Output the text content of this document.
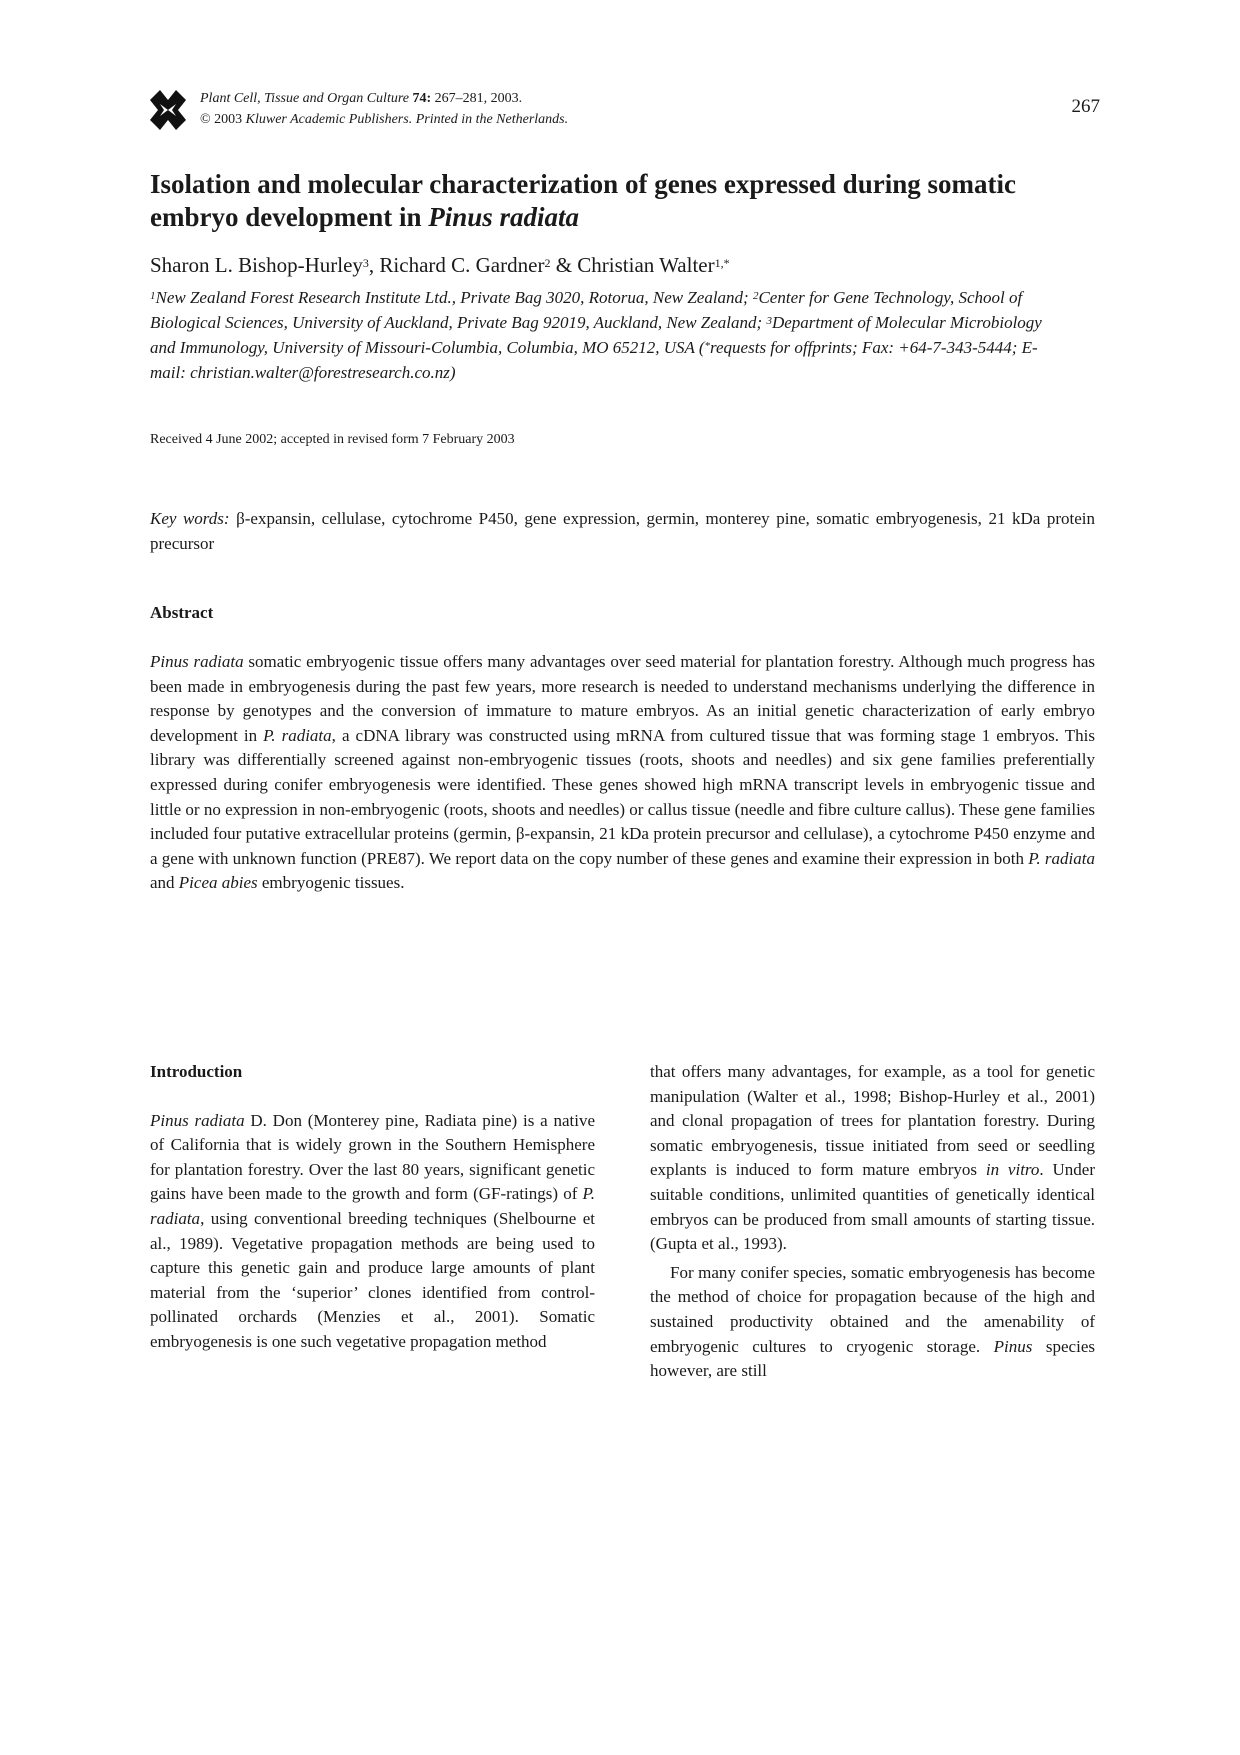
Plant Cell, Tissue and Organ Culture 74: 267–281, 2003.
© 2003 Kluwer Academic Publishers. Printed in the Netherlands.
267
Isolation and molecular characterization of genes expressed during somatic embryo development in Pinus radiata
Sharon L. Bishop-Hurley$^3$, Richard C. Gardner$^2$ & Christian Walter$^{1,*}$
$^1$New Zealand Forest Research Institute Ltd., Private Bag 3020, Rotorua, New Zealand; $^2$Center for Gene Technology, School of Biological Sciences, University of Auckland, Private Bag 92019, Auckland, New Zealand; $^3$Department of Molecular Microbiology and Immunology, University of Missouri-Columbia, Columbia, MO 65212, USA (*requests for offprints; Fax: +64-7-343-5444; E-mail: christian.walter@forestresearch.co.nz)
Received 4 June 2002; accepted in revised form 7 February 2003
Key words: β-expansin, cellulase, cytochrome P450, gene expression, germin, monterey pine, somatic embryogenesis, 21 kDa protein precursor
Abstract

Pinus radiata somatic embryogenic tissue offers many advantages over seed material for plantation forestry. Although much progress has been made in embryogenesis during the past few years, more research is needed to understand mechanisms underlying the difference in response by genotypes and the conversion of immature to mature embryos. As an initial genetic characterization of early embryo development in P. radiata, a cDNA library was constructed using mRNA from cultured tissue that was forming stage 1 embryos. This library was differentially screened against non-embryogenic tissues (roots, shoots and needles) and six gene families preferentially expressed during conifer embryogenesis were identified. These genes showed high mRNA transcript levels in embryogenic tissue and little or no expression in non-embryogenic (roots, shoots and needles) or callus tissue (needle and fibre culture callus). These gene families included four putative extracellular proteins (germin, β-expansin, 21 kDa protein precursor and cellulase), a cytochrome P450 enzyme and a gene with unknown function (PRE87). We report data on the copy number of these genes and examine their expression in both P. radiata and Picea abies embryogenic tissues.

Introduction

Pinus radiata D. Don (Monterey pine, Radiata pine) is a native of California that is widely grown in the Southern Hemisphere for plantation forestry. Over the last 80 years, significant genetic gains have been made to the growth and form (GF-ratings) of P. radiata, using conventional breeding techniques (Shelbourne et al., 1989). Vegetative propagation methods are being used to capture this genetic gain and produce large amounts of plant material from the ‘superior’ clones identified from control-pollinated orchards (Menzies et al., 2001). Somatic embryogenesis is one such vegetative propagation method

that offers many advantages, for example, as a tool for genetic manipulation (Walter et al., 1998; Bishop-Hurley et al., 2001) and clonal propagation of trees for plantation forestry. During somatic embryogenesis, tissue initiated from seed or seedling explants is induced to form mature embryos in vitro. Under suitable conditions, unlimited quantities of genetically identical embryos can be produced from small amounts of starting tissue. (Gupta et al., 1993).

For many conifer species, somatic embryogenesis has become the method of choice for propagation because of the high and sustained productivity obtained and the amenability of embryogenic cultures to cryogenic storage. Pinus species however, are still
